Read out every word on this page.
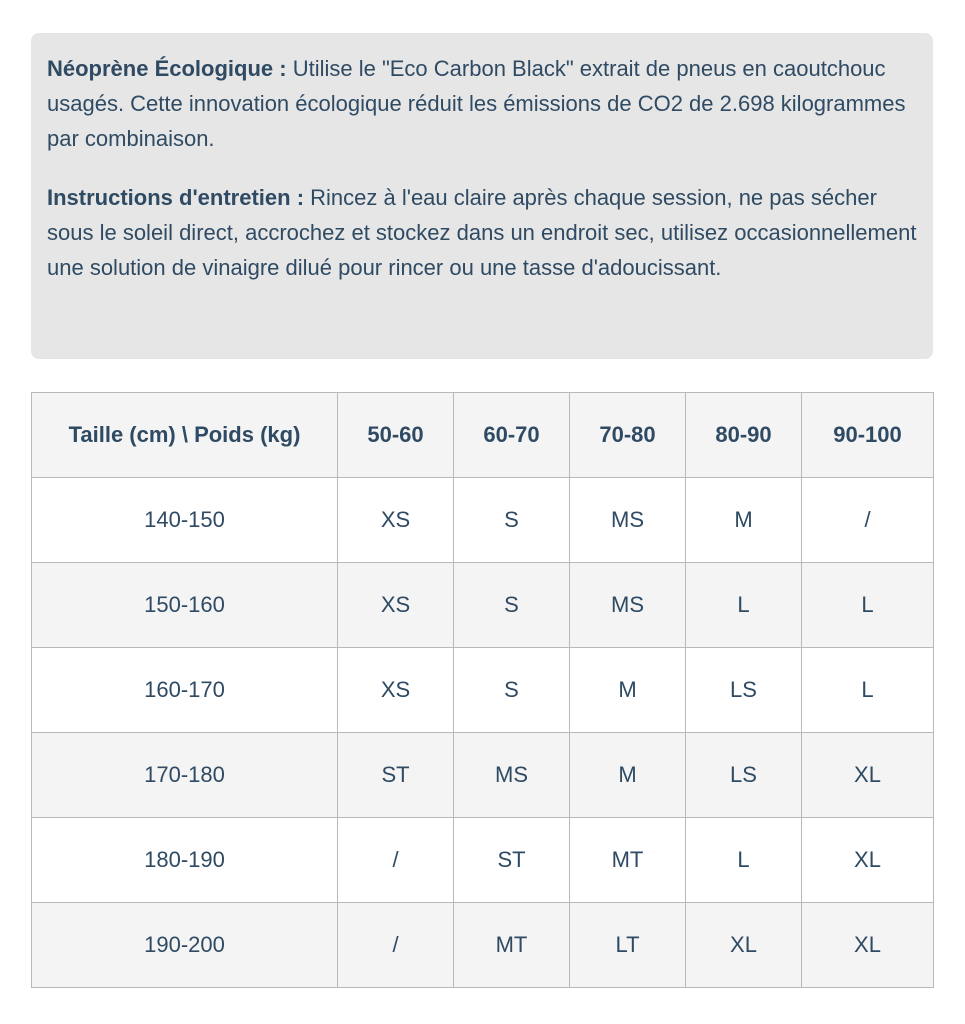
Néoprène Écologique : Utilise le "Eco Carbon Black" extrait de pneus en caoutchouc usagés. Cette innovation écologique réduit les émissions de CO2 de 2.698 kilogrammes par combinaison.

Instructions d'entretien : Rincez à l'eau claire après chaque session, ne pas sécher sous le soleil direct, accrochez et stockez dans un endroit sec, utilisez occasionnellement une solution de vinaigre dilué pour rincer ou une tasse d'adoucissant.

Taille (cm) \ Poids (kg)	50-60	60-70	70-80	80-90	90-100
140-150	XS	S	MS	M	/
150-160	XS	S	MS	L	L
160-170	XS	S	M	LS	L
170-180	ST	MS	M	LS	XL
180-190	/	ST	MT	L	XL
190-200	/	MT	LT	XL	XL
